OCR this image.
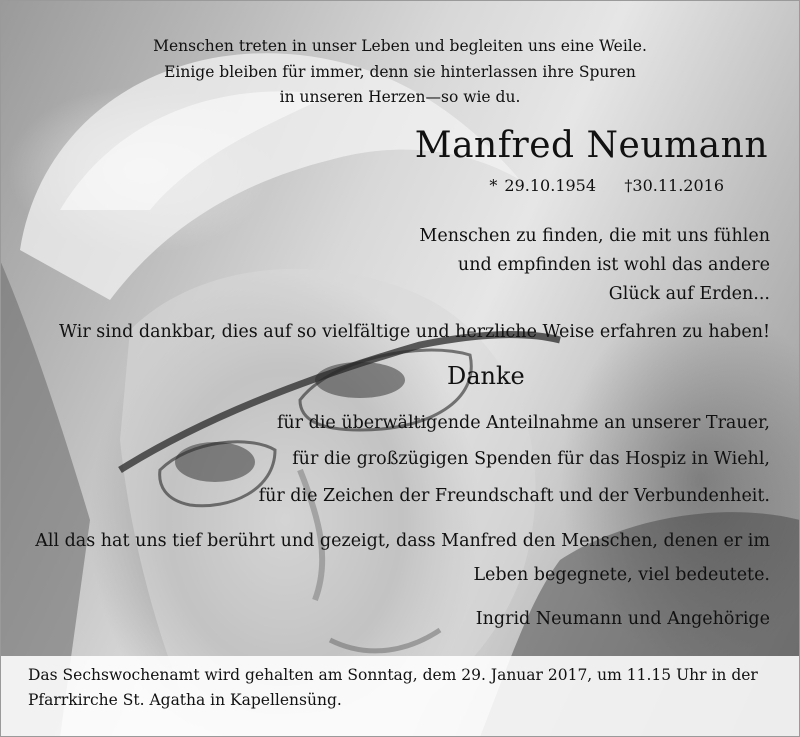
Menschen treten in unser Leben und begleiten uns eine Weile.
Einige bleiben für immer, denn sie hinterlassen ihre Spuren
in unseren Herzen—so wie du.
Manfred Neumann
* 29.10.1954    †30.11.2016
Menschen zu finden, die mit uns fühlen
und empfinden ist wohl das andere
Glück auf Erden...
Wir sind dankbar, dies auf so vielfältige und herzliche Weise erfahren zu haben!
Danke
für die überwältigende Anteilnahme an unserer Trauer,
für die großzügigen Spenden für das Hospiz in Wiehl,
für die Zeichen der Freundschaft und der Verbundenheit.
All das hat uns tief berührt und gezeigt, dass Manfred den Menschen, denen er im
Leben begegnete, viel bedeutete.
Ingrid Neumann und Angehörige
Das Sechswochenamt wird gehalten am Sonntag, dem 29. Januar 2017, um 11.15 Uhr in der
Pfarrkirche St. Agatha in Kapellensüng.
